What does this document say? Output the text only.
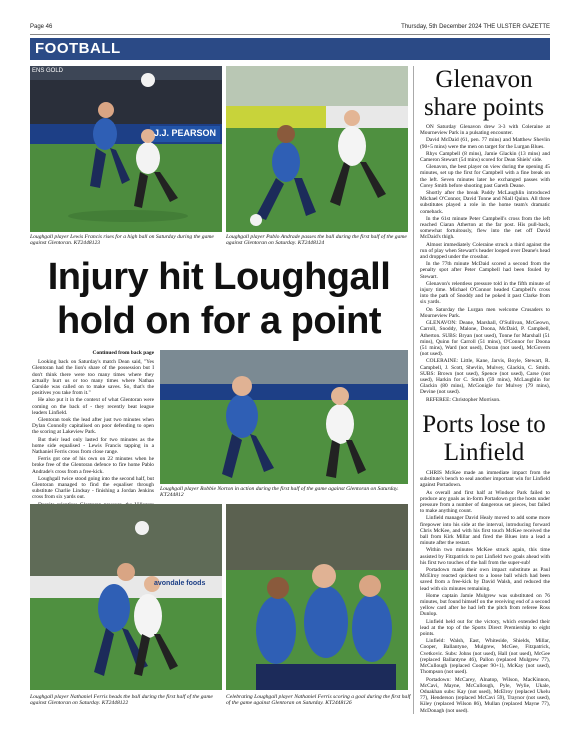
Page 46	Thursday, 5th December 2024 THE ULSTER GAZETTE
FOOTBALL
J.J. PEARSON
ENS GOLD
Loughgall player Lewis Francis rises for a high ball on Saturday during the game against Glentoran. KT2448123
Loughgall player Pablo Andrade passes the ball during the first half of the game against Glentoran on Saturday. KT2448124
Injury hit Loughgall hold on for a point
Continued from back page

Looking back on Saturday's match Dean said, "Yes Glentoran had the lion's share of the possession but I don't think there were too many times where they actually hurt us or too many times where Nathan Garside was called on to make saves. So, that's the positives you take from it."

He also put it in the context of what Glentoran were coming on the back of - they recently beat league leaders Linfield.

Glentoran took the lead after just two minutes when Dylan Connolly capitalised on poor defending to open the scoring at Lakeview Park.

But their lead only lasted for two minutes as the home side equalised - Lewis Francis tapping in a Nathaniel Ferris cross from close range.

Ferris got one of his own on 22 minutes when he broke free of the Glentoran defence to fire home Pablo Andrade's cross from a free-kick.

Loughgall twice stood going into the second half, but Glentoran managed to find the equaliser through substitute Charlie Lindsay - finishing a Jordan Jenkins cross from six yards out.

Loughgall player Robbie Norton in action during the first half of the game against Glentoran on Saturday. KT244812
avondale foods
Loughgall player Nathaniel Ferris heads the ball during the first half of the game against Glentoran on Saturday. KT2448122
Celebrating Loughgall player Nathaniel Ferris scoring a goal during the first half of the game against Glentoran on Saturday. KT2448126
Glenavon share points

ON Saturday Glenavon drew 3-3 with Coleraine at Mourneview Park in a pulsating encounter.

David McDaid (61, pen. 77 mins) and Matthew Shevlin (90+5 mins) were the men on target for the Lurgan Blues.

Rhys Campbell (8 mins), Jamie Glackin (13 mins) and Cameron Stewart (54 mins) scored for Dean Shiels' side.

Glenavon, the best player on view during the opening 45 minutes, set up the first for Campbell with a fine break on the left. Seven minutes later he exchanged passes with Corey Smith before shooting past Gareth Deane.

Shortly after the break Paddy McLaughlin introduced Michael O'Connor, David Tonne and Niall Quinn. All three substitutes played a role in the home team's dramatic comeback.

In the 61st minute Peter Campbell's cross from the left reached Ciaran Atherton at the far post. His pull-back, somewhat fortuitously, flew into the net off David McDaid's thigh.

Almost immediately Coleraine struck a third against the run of play when Stewart's header looped over Deane's head and dropped under the crossbar.

In the 77th minute McDaid scored a second from the penalty spot after Peter Campbell had been fouled by Stewart.

Glenavon's relentless pressure told in the fifth minute of injury time. Michael O'Connor headed Campbell's cross into the path of Snoddy and he poked it past Clarke from six yards.

On Saturday the Lurgan men welcome Crusaders to Mourneview Park.

GLENAVON: Deane, Marshall, O'Sullivan, McGeown, Carroll, Snoddy, Malone, Doona, McDaid, P. Campbell, Atherton. SUBS: Bryan (not used), Tonne for Marshall (51 mins), Quinn for Carroll (51 mins), O'Connor for Doona (51 mins), Ward (not used), Doran (not used), McGovern (not used).

COLERAINE: Little, Kane, Jarvis, Boyle, Stewart, R. Campbell, J. Scott, Shevlin, Mulvey, Glackin, C. Smith. SUBS: Brown (not used), Spence (not used), Carse (not used), Harkin for C. Smith (59 mins), McLaughlin for Glackin (80 mins), McGonigle for Mulvey (79 mins), Devine (not used).

REFEREE: Christopher Morrison.

Ports lose to Linfield

CHRIS McKee made an immediate impact from the substitute's bench to seal another important win for Linfield against Portadown.

As overall and first half at Windsor Park failed to produce any goals as in-form Portadown got the hosts under pressure from a number of dangerous set pieces, but failed to make anything count.

Linfield manager David Healy moved to add some more firepower into his side at the interval, introducing forward Chris McKee, and with his first touch McKee received the ball from Kirk Millar and fired the Blues into a lead a minute after the restart.

Within two minutes McKee struck again, this time assisted by Fitzpatrick to put Linfield two goals ahead with his first two touches of the ball from the super-sub!

Portadown made their own impact substitute as Paul McElroy reacted quickest to a loose ball which had been saved from a free-kick by David Walsh, and reduced the lead with six minutes remaining.

Home captain Jamie Mulgrew was substituted on 76 minutes, but found himself on the receiving end of a second yellow card after he had left the pitch from referee Ross Dunlop.

Linfield held out for the victory, which extended their lead at the top of the Sports Direct Premiership to eight points.

Linfield: Walsh, East, Whiteside, Shields, Millar, Cooper, Ballantyne, Mulgrew, McGee, Fitzpatrick, Cvetkovic. Subs: Johns (not used), Hall (not used), McGee (replaced Ballantyne 46), Pallon (replaced Mulgrew 77), McCullough (replaced Cooper 90+1), McKay (not used), Thompson (not used).

Portadown: McCarey, Alnatop, Wilson, MacKinnon, McCavi, Mayne, McCullough, Pyle, Wylie, Ukale, Oduakhan subs: Kay (not used), McElroy (replaced Ukelu 77), Henderson (replaced McCavi 59), Traynor (not used), Kiley (replaced Wilson 86), Mullan (replaced Mayne 77), McDonagh (not used).
